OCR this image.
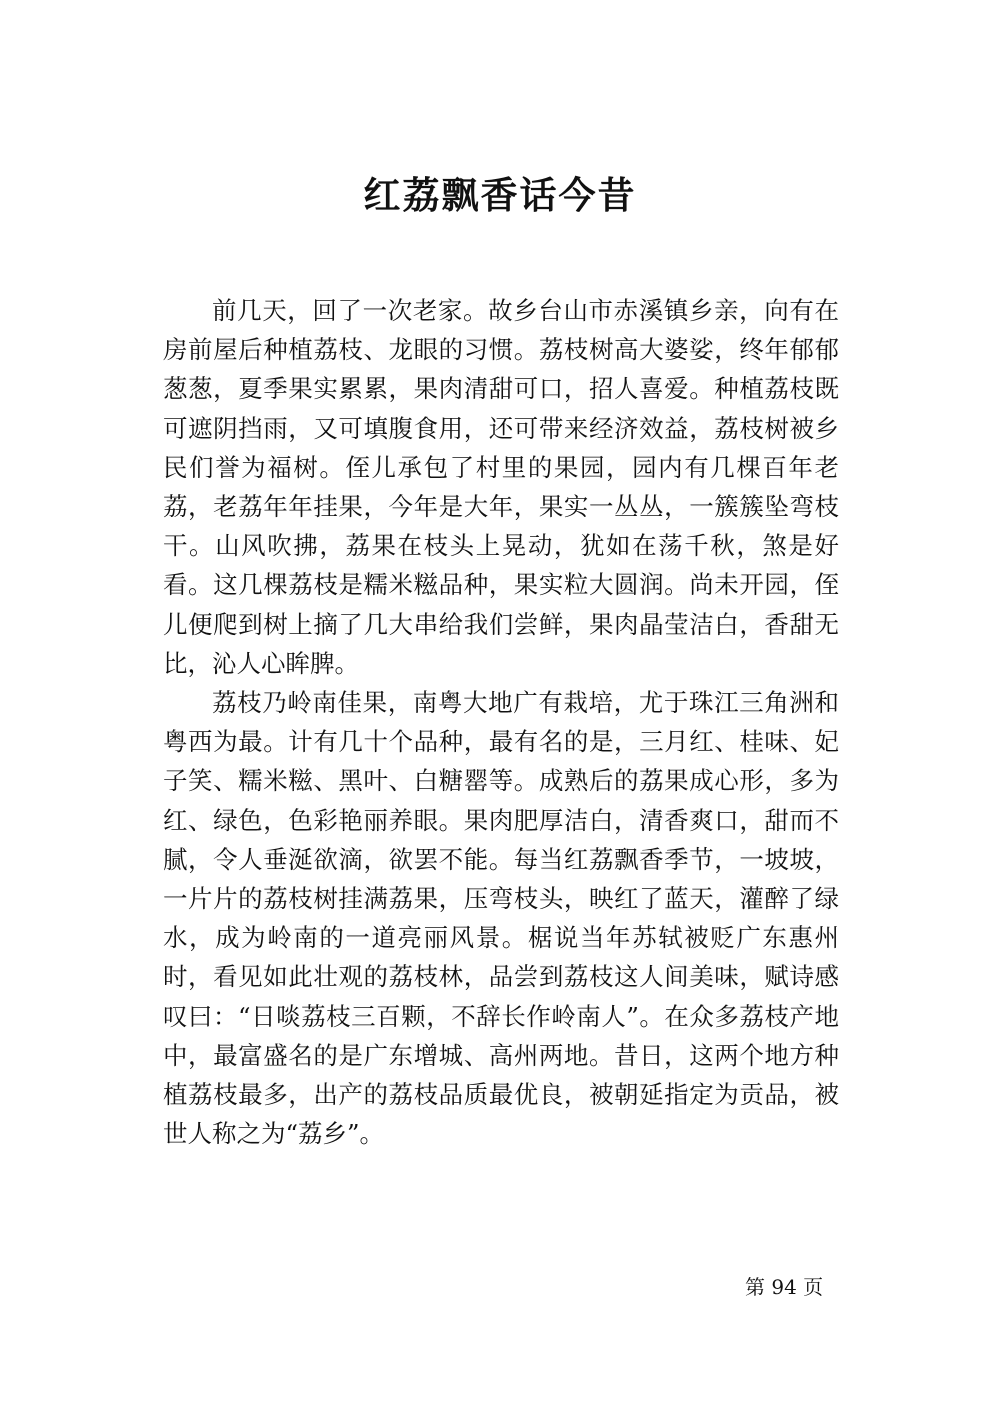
红荔飘香话今昔

前几天，回了一次老家。故乡台山市赤溪镇乡亲，向有在房前屋后种植荔枝、龙眼的习惯。荔枝树高大婆娑，终年郁郁葱葱，夏季果实累累，果肉清甜可口，招人喜爱。种植荔枝既可遮阴挡雨，又可填腹食用，还可带来经济效益，荔枝树被乡民们誉为福树。侄儿承包了村里的果园，园内有几棵百年老荔，老荔年年挂果，今年是大年，果实一丛丛，一簇簇坠弯枝干。山风吹拂，荔果在枝头上晃动，犹如在荡千秋，煞是好看。这几棵荔枝是糯米糍品种，果实粒大圆润。尚未开园，侄儿便爬到树上摘了几大串给我们尝鲜，果肉晶莹洁白，香甜无比，沁人心眸脾。

荔枝乃岭南佳果，南粤大地广有栽培，尤于珠江三角洲和粤西为最。计有几十个品种，最有名的是，三月红、桂味、妃子笑、糯米糍、黑叶、白糖罂等。成熟后的荔果成心形，多为红、绿色，色彩艳丽养眼。果肉肥厚洁白，清香爽口，甜而不腻，令人垂涎欲滴，欲罢不能。每当红荔飘香季节，一坡坡，一片片的荔枝树挂满荔果，压弯枝头，映红了蓝天，灌醉了绿水，成为岭南的一道亮丽风景。椐说当年苏轼被贬广东惠州时，看见如此壮观的荔枝林，品尝到荔枝这人间美味，赋诗感叹曰：“日啖荔枝三百颗，不辞长作岭南人”。在众多荔枝产地中，最富盛名的是广东增城、高州两地。昔日，这两个地方种植荔枝最多，出产的荔枝品质最优良，被朝延指定为贡品，被世人称之为“荔乡”。

第 94 页
